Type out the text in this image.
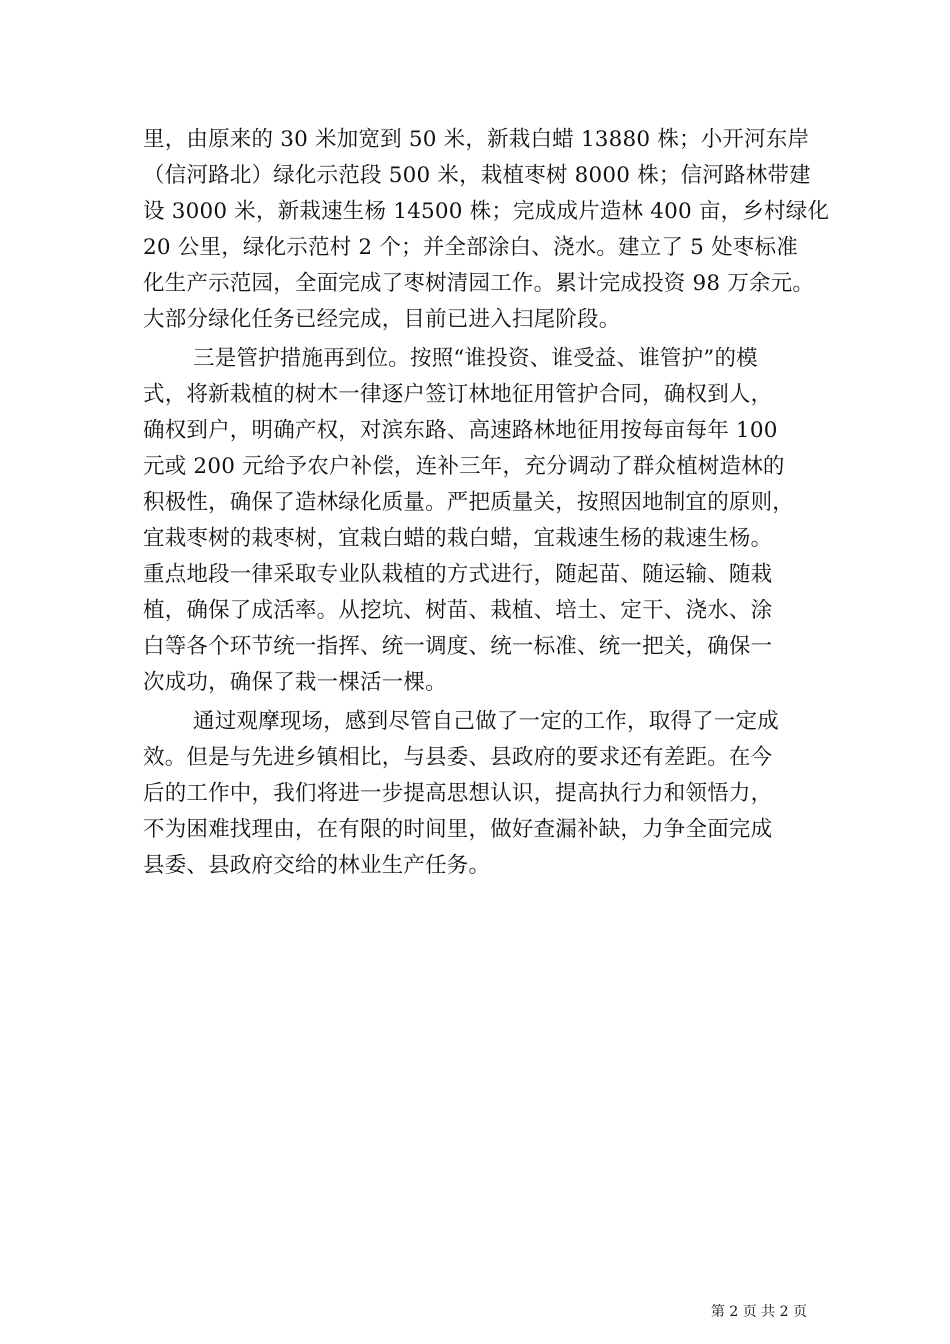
里，由原来的 30 米加宽到 50 米，新栽白蜡 13880 株；小开河东岸
（信河路北）绿化示范段 500 米，栽植枣树 8000 株；信河路林带建
设 3000 米，新栽速生杨 14500 株；完成成片造林 400 亩，乡村绿化
20 公里，绿化示范村 2 个；并全部涂白、浇水。建立了 5 处枣标准
化生产示范园，全面完成了枣树清园工作。累计完成投资 98 万余元。
大部分绿化任务已经完成，目前已进入扫尾阶段。
三是管护措施再到位。按照“谁投资、谁受益、谁管护”的模
式，将新栽植的树木一律逐户签订林地征用管护合同，确权到人，
确权到户，明确产权，对滨东路、高速路林地征用按每亩每年 100
元或 200 元给予农户补偿，连补三年，充分调动了群众植树造林的
积极性，确保了造林绿化质量。严把质量关，按照因地制宜的原则，
宜栽枣树的栽枣树，宜栽白蜡的栽白蜡，宜栽速生杨的栽速生杨。
重点地段一律采取专业队栽植的方式进行，随起苗、随运输、随栽
植，确保了成活率。从挖坑、树苗、栽植、培土、定干、浇水、涂
白等各个环节统一指挥、统一调度、统一标准、统一把关，确保一
次成功，确保了栽一棵活一棵。
通过观摩现场，感到尽管自己做了一定的工作，取得了一定成
效。但是与先进乡镇相比，与县委、县政府的要求还有差距。在今
后的工作中，我们将进一步提高思想认识，提高执行力和领悟力，
不为困难找理由，在有限的时间里，做好查漏补缺，力争全面完成
县委、县政府交给的林业生产任务。
第 2 页 共 2 页
